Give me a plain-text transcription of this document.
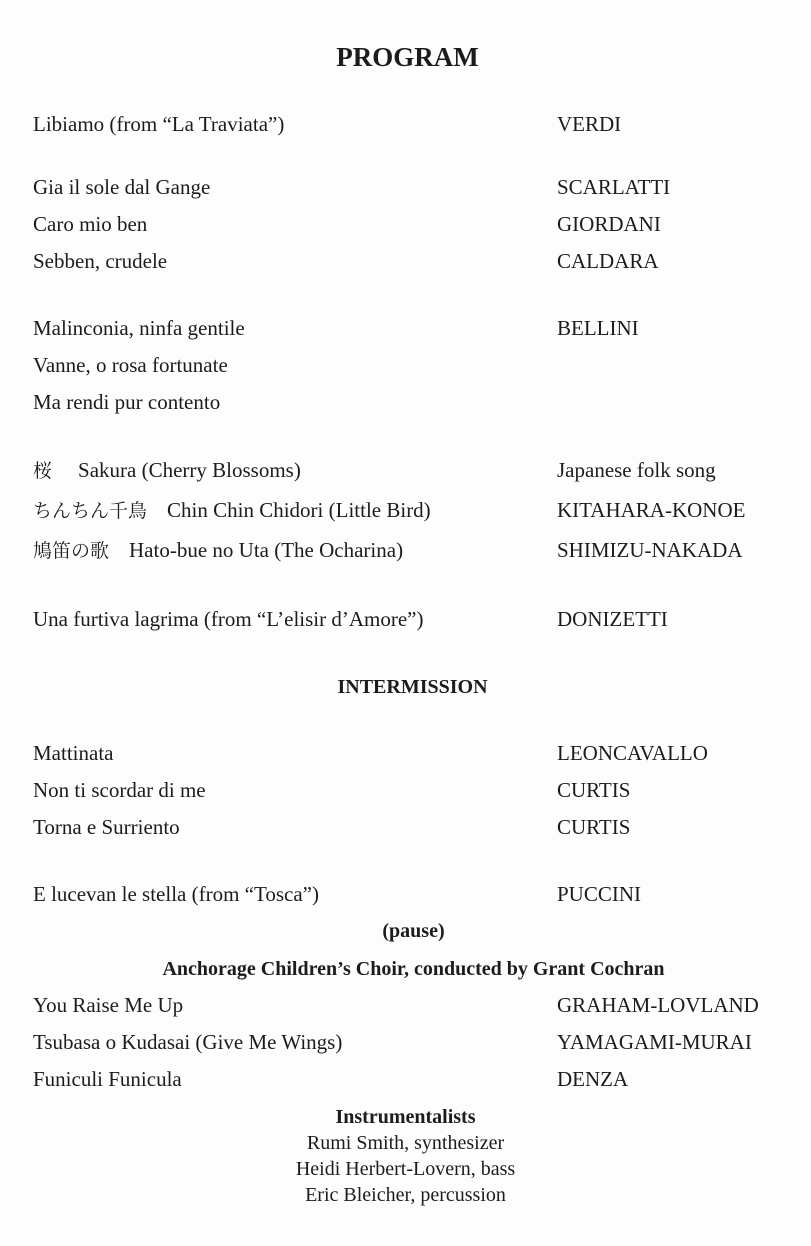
PROGRAM
Libiamo (from “La Traviata”)	VERDI
Gia il sole dal Gange	SCARLATTI
Caro mio ben	GIORDANI
Sebben, crudele	CALDARA
Malinconia, ninfa gentile	BELLINI
Vanne, o rosa fortunate
Ma rendi pur contento
桜 Sakura (Cherry Blossoms)	Japanese folk song
ちんちん千鳥 Chin Chin Chidori (Little Bird)	KITAHARA-KONOE
鳩笛の歌 Hato-bue no Uta (The Ocharina)	SHIMIZU-NAKADA
Una furtiva lagrima (from “L’elisir d’Amore”)	DONIZETTI
INTERMISSION
Mattinata	LEONCAVALLO
Non ti scordar di me	CURTIS
Torna e Surriento	CURTIS
E lucevan le stella (from “Tosca”)	PUCCINI
(pause)
Anchorage Children’s Choir, conducted by Grant Cochran
You Raise Me Up	GRAHAM-LOVLAND
Tsubasa o Kudasai (Give Me Wings)	YAMAGAMI-MURAI
Funiculi Funicula	DENZA
Instrumentalists
Rumi Smith, synthesizer
Heidi Herbert-Lovern, bass
Eric Bleicher, percussion
